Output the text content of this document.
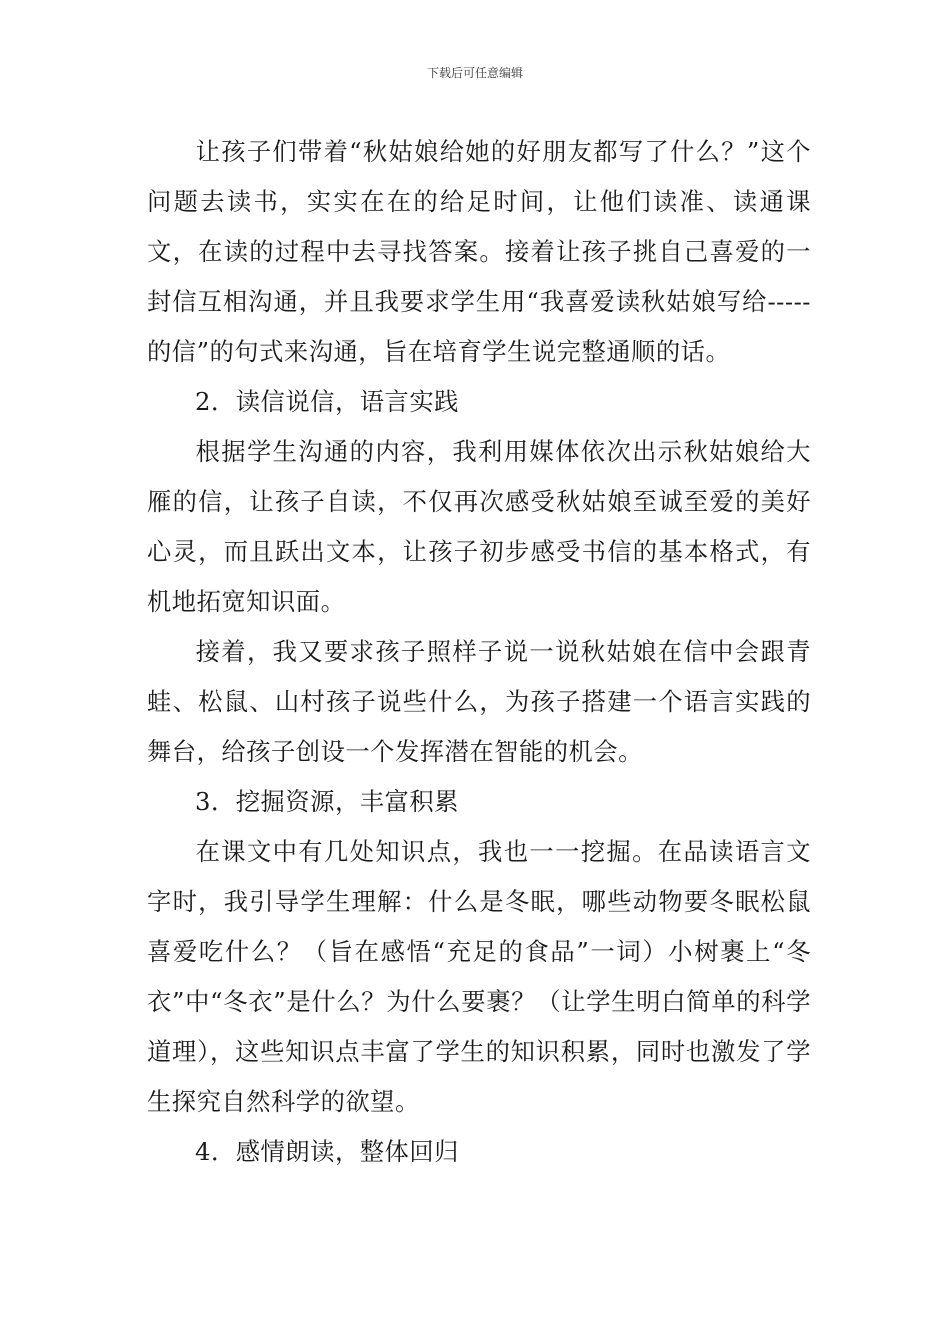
下载后可任意编辑

让孩子们带着“秋姑娘给她的好朋友都写了什么？”这个问题去读书，实实在在的给足时间，让他们读准、读通课文，在读的过程中去寻找答案。接着让孩子挑自己喜爱的一封信互相沟通，并且我要求学生用“我喜爱读秋姑娘写给-----的信”的句式来沟通，旨在培育学生说完整通顺的话。

2．读信说信，语言实践

根据学生沟通的内容，我利用媒体依次出示秋姑娘给大雁的信，让孩子自读，不仅再次感受秋姑娘至诚至爱的美好心灵，而且跃出文本，让孩子初步感受书信的基本格式，有机地拓宽知识面。

接着，我又要求孩子照样子说一说秋姑娘在信中会跟青蛙、松鼠、山村孩子说些什么，为孩子搭建一个语言实践的舞台，给孩子创设一个发挥潜在智能的机会。

3．挖掘资源，丰富积累

在课文中有几处知识点，我也一一挖掘。在品读语言文字时，我引导学生理解：什么是冬眠，哪些动物要冬眠松鼠喜爱吃什么？（旨在感悟“充足的食品”一词）小树裹上“冬衣”中“冬衣”是什么？为什么要裹？（让学生明白简单的科学道理），这些知识点丰富了学生的知识积累，同时也激发了学生探究自然科学的欲望。

4．感情朗读，整体回归
